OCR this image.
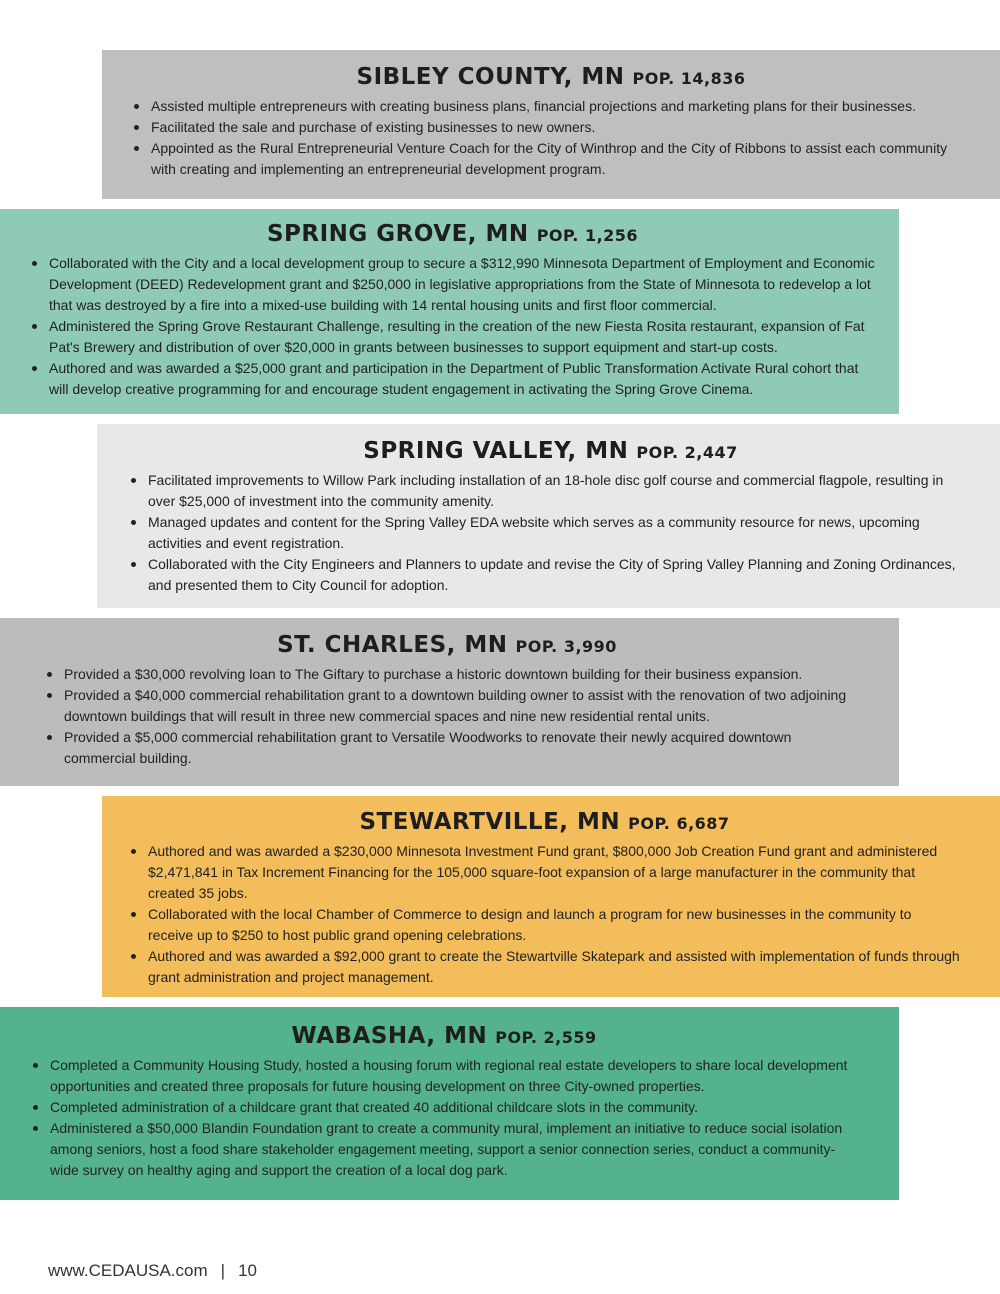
SIBLEY COUNTY, MN POP. 14,836
Assisted multiple entrepreneurs with creating business plans, financial projections and marketing plans for their businesses.
Facilitated the sale and purchase of existing businesses to new owners.
Appointed as the Rural Entrepreneurial Venture Coach for the City of Winthrop and the City of Ribbons to assist each community with creating and implementing an entrepreneurial development program.
SPRING GROVE, MN POP. 1,256
Collaborated with the City and a local development group to secure a $312,990 Minnesota Department of Employment and Economic Development (DEED) Redevelopment grant and $250,000 in legislative appropriations from the State of Minnesota to redevelop a lot that was destroyed by a fire into a mixed-use building with 14 rental housing units and first floor commercial.
Administered the Spring Grove Restaurant Challenge, resulting in the creation of the new Fiesta Rosita restaurant, expansion of Fat Pat's Brewery and distribution of over $20,000 in grants between businesses to support equipment and start-up costs.
Authored and was awarded a $25,000 grant and participation in the Department of Public Transformation Activate Rural cohort that will develop creative programming for and encourage student engagement in activating the Spring Grove Cinema.
SPRING VALLEY, MN POP. 2,447
Facilitated improvements to Willow Park including installation of an 18-hole disc golf course and commercial flagpole, resulting in over $25,000 of investment into the community amenity.
Managed updates and content for the Spring Valley EDA website which serves as a community resource for news, upcoming activities and event registration.
Collaborated with the City Engineers and Planners to update and revise the City of Spring Valley Planning and Zoning Ordinances, and presented them to City Council for adoption.
ST. CHARLES, MN POP. 3,990
Provided a $30,000 revolving loan to The Giftary to purchase a historic downtown building for their business expansion.
Provided a $40,000 commercial rehabilitation grant to a downtown building owner to assist with the renovation of two adjoining downtown buildings that will result in three new commercial spaces and nine new residential rental units.
Provided a $5,000 commercial rehabilitation grant to Versatile Woodworks to renovate their newly acquired downtown commercial building.
STEWARTVILLE, MN POP. 6,687
Authored and was awarded a $230,000 Minnesota Investment Fund grant, $800,000 Job Creation Fund grant and administered $2,471,841 in Tax Increment Financing for the 105,000 square-foot expansion of a large manufacturer in the community that created 35 jobs.
Collaborated with the local Chamber of Commerce to design and launch a program for new businesses in the community to receive up to $250 to host public grand opening celebrations.
Authored and was awarded a $92,000 grant to create the Stewartville Skatepark and assisted with implementation of funds through grant administration and project management.
WABASHA, MN POP. 2,559
Completed a Community Housing Study, hosted a housing forum with regional real estate developers to share local development opportunities and created three proposals for future housing development on three City-owned properties.
Completed administration of a childcare grant that created 40 additional childcare slots in the community.
Administered a $50,000 Blandin Foundation grant to create a community mural, implement an initiative to reduce social isolation among seniors, host a food share stakeholder engagement meeting, support a senior connection series, conduct a community-wide survey on healthy aging and support the creation of a local dog park.
www.CEDAUSA.com | 10
